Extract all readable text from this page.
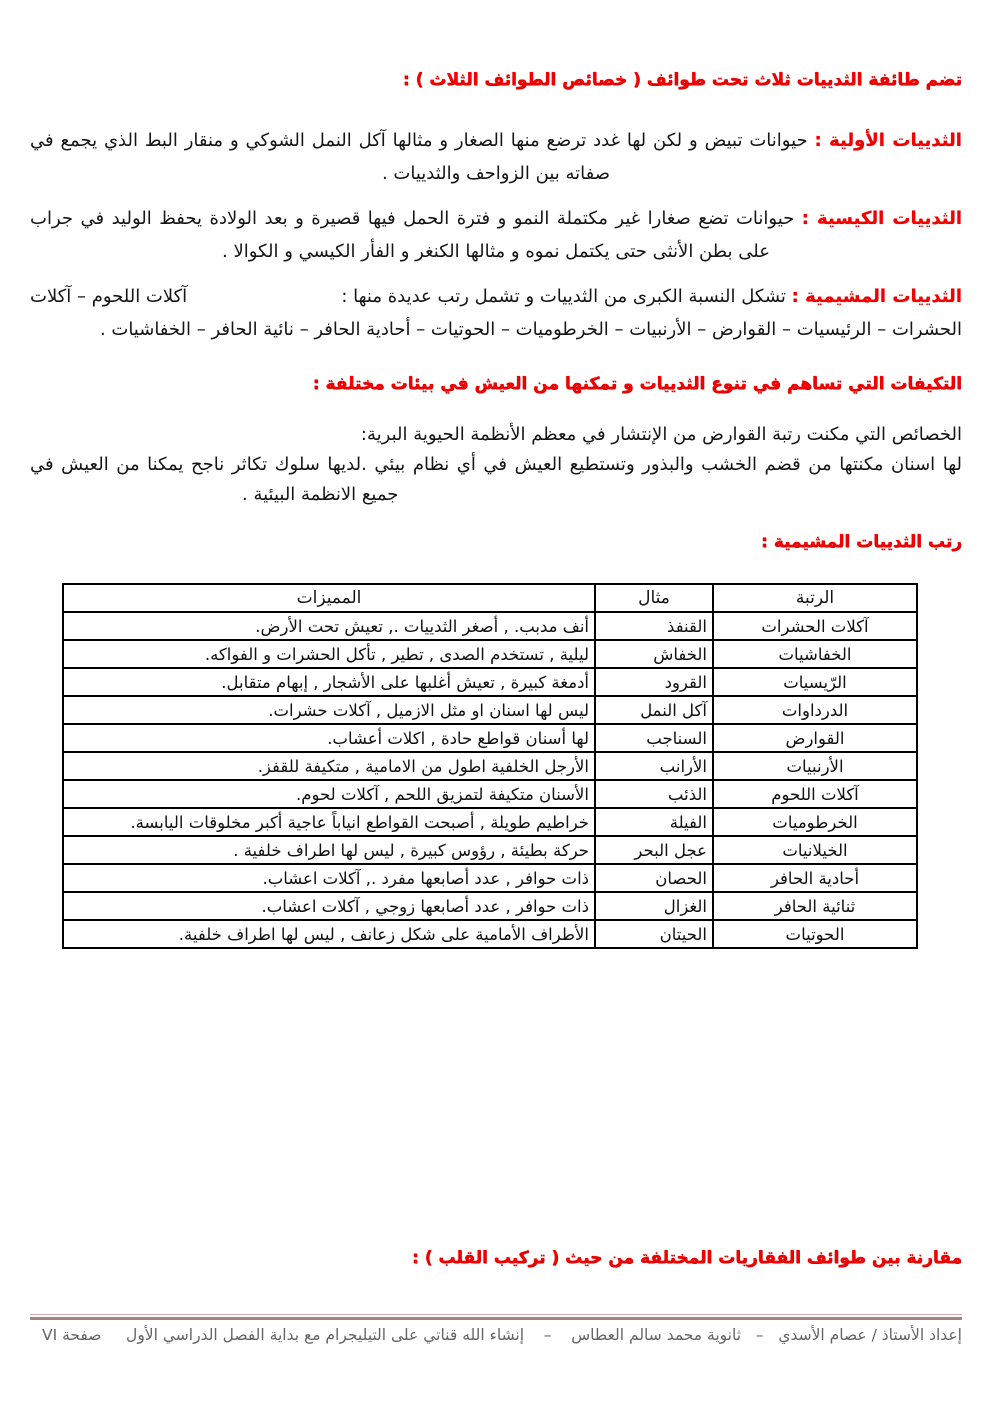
تضم طائفة الثدييات ثلاث تحت طوائف ( خصائص الطوائف الثلاث ) :
الثدييات الأولية : حيوانات تبيض و لكن لها غدد ترضع منها الصغار و مثالها آكل النمل الشوكي و منقار البط الذي يجمع في
صفاته بين الزواحف والثدييات .
الثدييات الكيسية : حيوانات تضع صغارا غير مكتملة النمو و فترة الحمل فيها قصيرة و بعد الولادة يحفظ الوليد في جراب
على بطن الأنثى حتى يكتمل نموه و مثالها الكنغر و الفأر الكيسي و الكوالا .
الثدييات المشيمية : تشكل النسبة الكبرى من الثدييات و تشمل رتب عديدة منها :
آكلات اللحوم – آكلات
الحشرات – الرئيسيات – القوارض – الأرنبيات – الخرطوميات – الحوتيات – أحادية الحافر – نائية الحافر – الخفاشيات .
التكيفات التي تساهم في تنوع الثدييات و تمكنها من العيش في بيئات مختلفة :
الخصائص التي مكنت رتبة القوارض من الإنتشار في معظم الأنظمة الحيوية البرية:
لها اسنان مكنتها من قضم الخشب والبذور وتستطيع العيش في أي نظام بيئي .لديها سلوك تكاثر ناجح يمكنا من العيش في
جميع الانظمة البيئية .
رتب الثدييات المشيمية :
الرتبة	مثال	المميزات
آكلات الحشرات	القنفذ	أنف مدبب. , أصغر الثدييات ., تعيش تحت الأرض.
الخفاشيات	الخفاش	ليلية , تستخدم الصدى , تطير , تأكل الحشرات و الفواكه.
الرّيسيات	القرود	أدمغة كبيرة , تعيش أغلبها على الأشجار , إبهام متقابل.
الدرداوات	آكل النمل	ليس لها اسنان او مثل الازميل , آكلات حشرات.
القوارض	السناجب	لها أسنان قواطع حادة , اكلات أعشاب.
الأرنبيات	الأرانب	الأرجل الخلفية اطول من الامامية , متكيفة للقفز.
آكلات اللحوم	الذئب	الأسنان متكيفة لتمزيق اللحم , آكلات لحوم.
الخرطوميات	الفيلة	خراطيم طويلة , أصبحت القواطع انياباً عاجية أكبر مخلوقات اليابسة.
الخيلانيات	عجل البحر	حركة بطيئة , رؤوس كبيرة , ليس لها اطراف خلفية .
أحادية الحافر	الحصان	ذات حوافر , عدد أصابعها مفرد ., آكلات اعشاب.
ثنائية الحافر	الغزال	ذات حوافر , عدد أصابعها زوجي , آكلات اعشاب.
الحوتيات	الحيتان	الأطراف الأمامية على شكل زعانف , ليس لها اطراف خلفية.
مقارنة بين طوائف الفقاريات المختلفة من حيث ( تركيب القلب ) :
إعداد الأستاذ / عصام الأسدي   –   ثانوية محمد سالم العطاس    –    إنشاء الله قناتي على التيليجرام مع بداية الفصل الدراسي الأول     صفحة VI
